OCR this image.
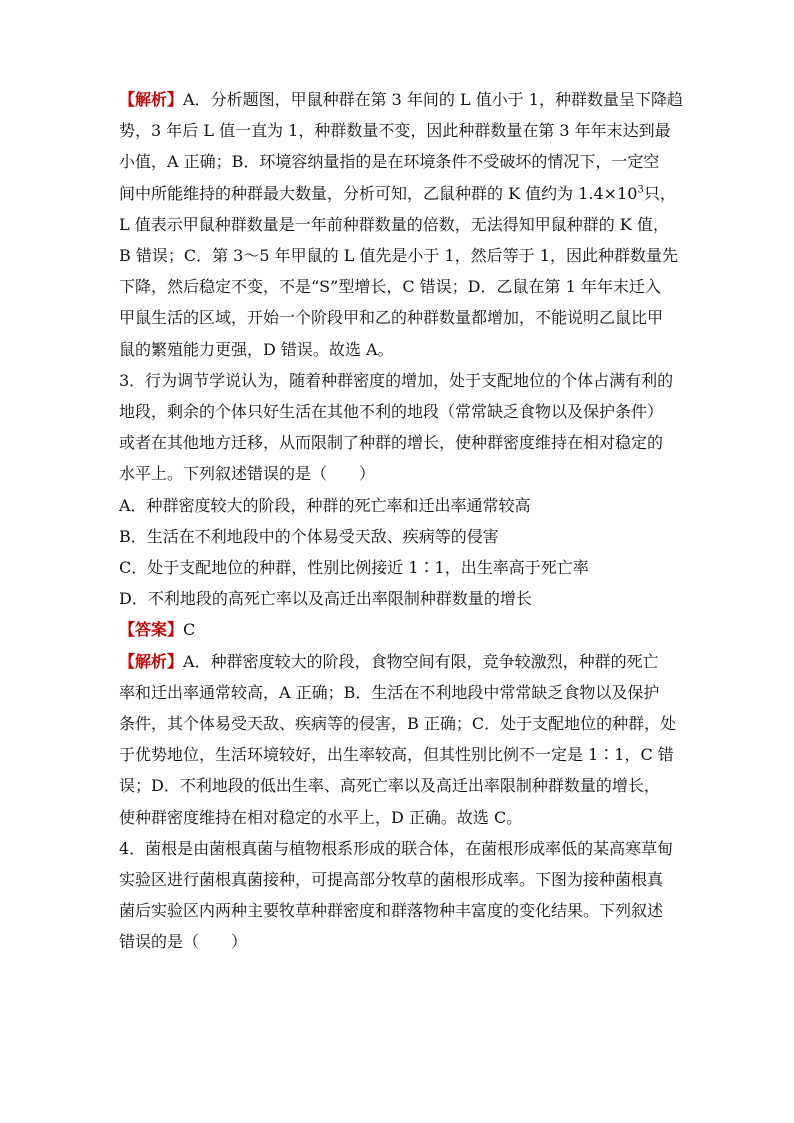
【解析】A．分析题图，甲鼠种群在第 3 年间的 L 值小于 1，种群数量呈下降趋
势，3 年后 L 值一直为 1，种群数量不变，因此种群数量在第 3 年年末达到最
小值，A 正确；B．环境容纳量指的是在环境条件不受破坏的情况下，一定空
间中所能维持的种群最大数量，分析可知，乙鼠种群的 K 值约为 $1.4\times 10^3$只，
L 值表示甲鼠种群数量是一年前种群数量的倍数，无法得知甲鼠种群的 K 值，
B 错误；C．第 3～5 年甲鼠的 L 值先是小于 1，然后等于 1，因此种群数量先
下降，然后稳定不变，不是“S”型增长，C 错误；D．乙鼠在第 1 年年末迁入
甲鼠生活的区域，开始一个阶段甲和乙的种群数量都增加，不能说明乙鼠比甲
鼠的繁殖能力更强，D 错误。故选 A。

3．行为调节学说认为，随着种群密度的增加，处于支配地位的个体占满有利的
地段，剩余的个体只好生活在其他不利的地段（常常缺乏食物以及保护条件）
或者在其他地方迁移，从而限制了种群的增长，使种群密度维持在相对稳定的
水平上。下列叙述错误的是（　　）

A．种群密度较大的阶段，种群的死亡率和迁出率通常较高

B．生活在不利地段中的个体易受天敌、疾病等的侵害

C．处于支配地位的种群，性别比例接近 1∶1，出生率高于死亡率

D．不利地段的高死亡率以及高迁出率限制种群数量的增长

【答案】C

【解析】A．种群密度较大的阶段，食物空间有限，竞争较激烈，种群的死亡
率和迁出率通常较高，A 正确；B．生活在不利地段中常常缺乏食物以及保护
条件，其个体易受天敌、疾病等的侵害，B 正确；C．处于支配地位的种群，处
于优势地位，生活环境较好，出生率较高，但其性别比例不一定是 1∶1，C 错
误；D．不利地段的低出生率、高死亡率以及高迁出率限制种群数量的增长，
使种群密度维持在相对稳定的水平上，D 正确。故选 C。

4．菌根是由菌根真菌与植物根系形成的联合体，在菌根形成率低的某高寒草甸
实验区进行菌根真菌接种，可提高部分牧草的菌根形成率。下图为接种菌根真
菌后实验区内两种主要牧草种群密度和群落物种丰富度的变化结果。下列叙述
错误的是（　　）
